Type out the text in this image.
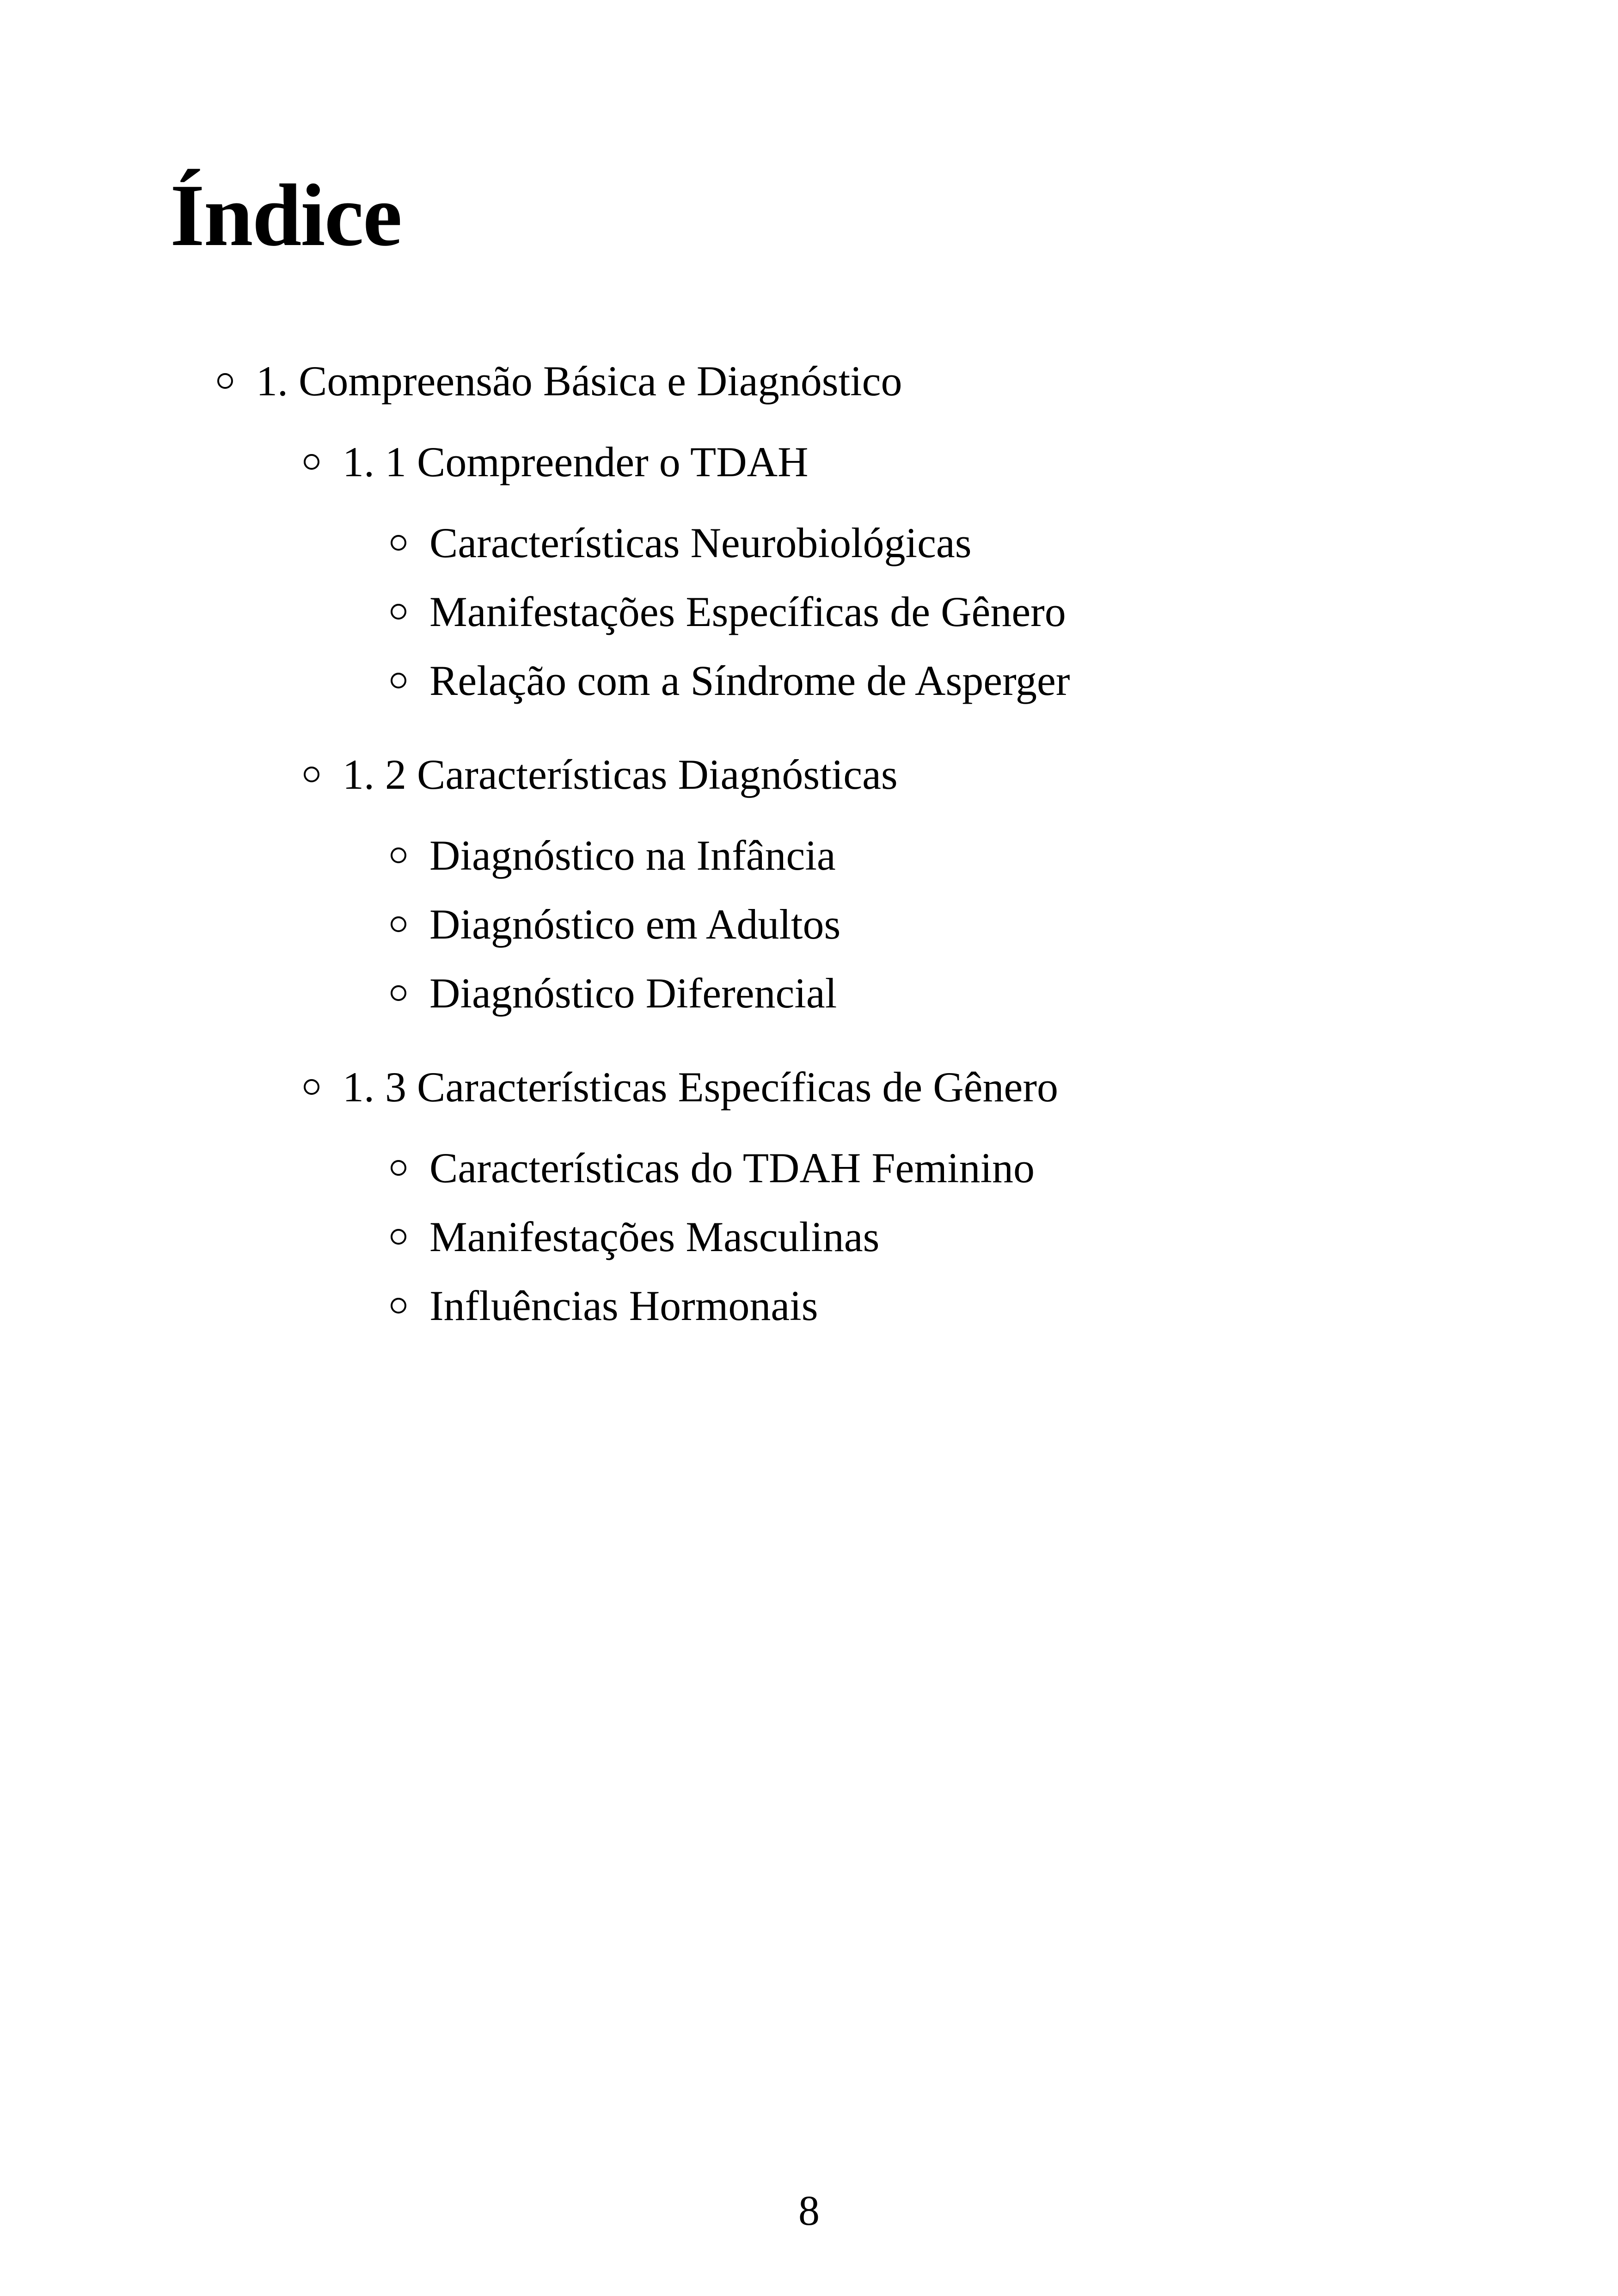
Índice
1. Compreensão Básica e Diagnóstico
1. 1 Compreender o TDAH
Características Neurobiológicas
Manifestações Específicas de Gênero
Relação com a Síndrome de Asperger
1. 2 Características Diagnósticas
Diagnóstico na Infância
Diagnóstico em Adultos
Diagnóstico Diferencial
1. 3 Características Específicas de Gênero
Características do TDAH Feminino
Manifestações Masculinas
Influências Hormonais
8
